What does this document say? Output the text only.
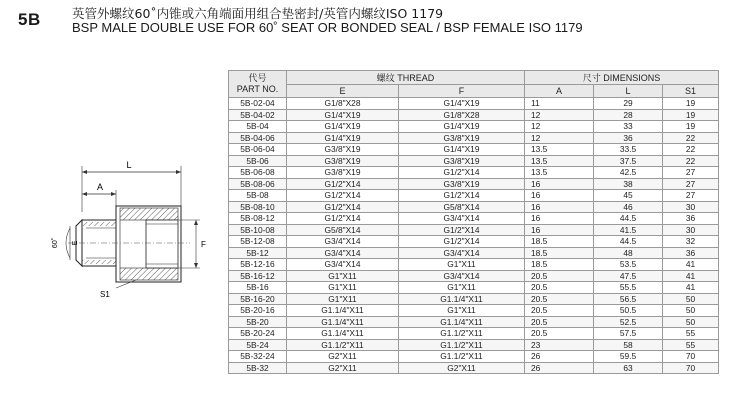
5B	英管外螺纹60˚内锥或六角端面用组合垫密封/英管内螺纹ISO 1179
BSP MALE DOUBLE USE FOR 60˚ SEAT OR BONDED SEAL / BSP FEMALE ISO 1179
L
A
60˚ E	F
S1
代号
PART NO.	螺纹 THREAD		尺寸 DIMENSIONS		
	E	F	A	L	S1
5B-02-04	G1/8"X28	G1/4"X19	11	29	19
5B-04-02	G1/4"X19	G1/8"X28	12	28	19
5B-04	G1/4"X19	G1/4"X19	12	33	19
5B-04-06	G1/4"X19	G3/8"X19	12	36	22
5B-06-04	G3/8"X19	G1/4"X19	13.5	33.5	22
5B-06	G3/8"X19	G3/8"X19	13.5	37.5	22
5B-06-08	G3/8"X19	G1/2"X14	13.5	42.5	27
5B-08-06	G1/2"X14	G3/8"X19	16	38	27
5B-08	G1/2"X14	G1/2"X14	16	45	27
5B-08-10	G1/2"X14	G5/8"X14	16	46	30
5B-08-12	G1/2"X14	G3/4"X14	16	44.5	36
5B-10-08	G5/8"X14	G1/2"X14	16	41.5	30
5B-12-08	G3/4"X14	G1/2"X14	18.5	44.5	32
5B-12	G3/4"X14	G3/4"X14	18.5	48	36
5B-12-16	G3/4"X14	G1"X11	18.5	53.5	41
5B-16-12	G1"X11	G3/4"X14	20.5	47.5	41
5B-16	G1"X11	G1"X11	20.5	55.5	41
5B-16-20	G1"X11	G1.1/4"X11	20.5	56.5	50
5B-20-16	G1.1/4"X11	G1"X11	20.5	50.5	50
5B-20	G1.1/4"X11	G1.1/4"X11	20.5	52.5	50
5B-20-24	G1.1/4"X11	G1.1/2"X11	20.5	57.5	55
5B-24	G1.1/2"X11	G1.1/2"X11	23	58	55
5B-32-24	G2"X11	G1.1/2"X11	26	59.5	70
5B-32	G2"X11	G2"X11	26	63	70
